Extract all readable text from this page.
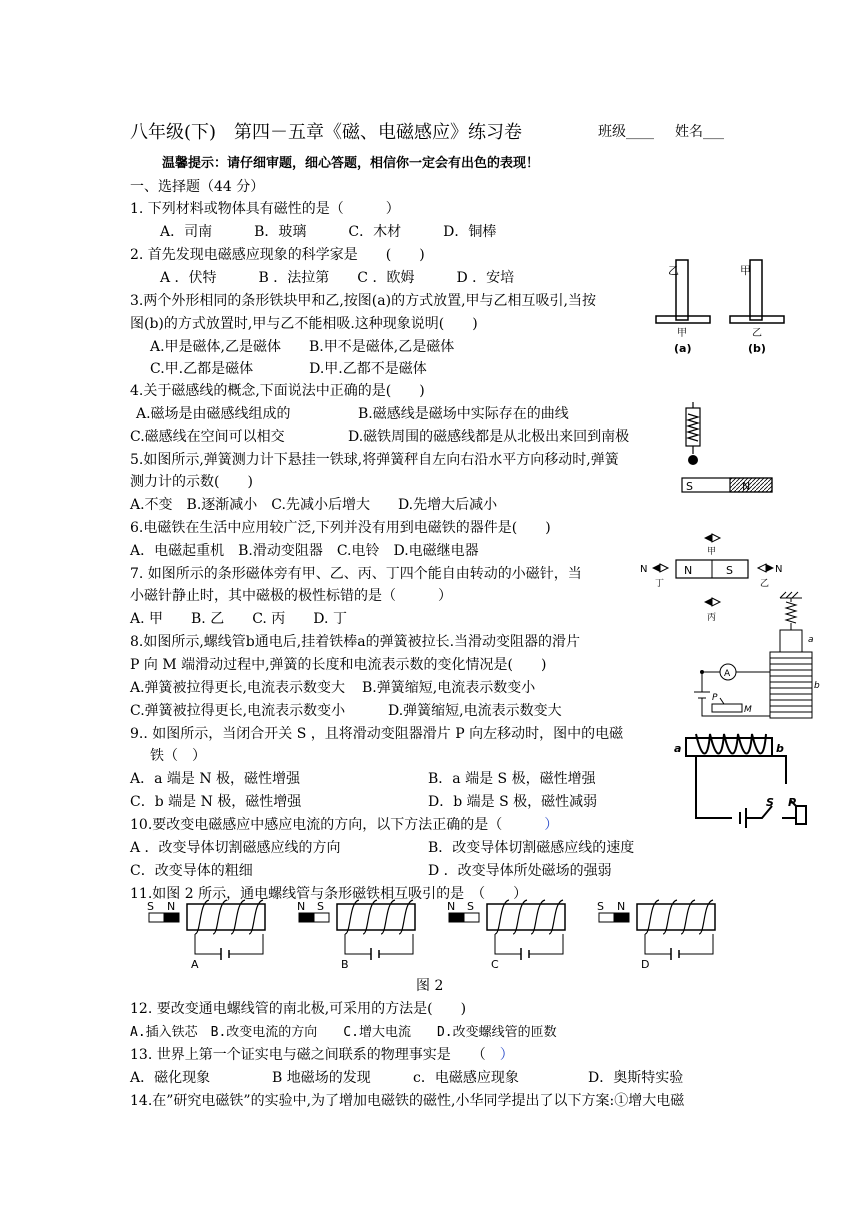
八年级(下)　第四－五章《磁、电磁感应》练习卷	班级____ 姓名___
温馨提示：请仔细审题，细心答题，相信你一定会有出色的表现！
一、选择题（44 分）
1. 下列材料或物体具有磁性的是（　　　）
A．司南　　　B．玻璃　　　C．木材　　　D．铜棒
2. 首先发现电磁感应现象的科学家是　　(　　)
A ．伏特　　　B ．法拉第　　C ．欧姆　　　D ．安培
3.两个外形相同的条形铁块甲和乙,按图(a)的方式放置,甲与乙相互吸引,当按
图(b)的方式放置时,甲与乙不能相吸.这种现象说明(　　)
A.甲是磁体,乙是磁体　　B.甲不是磁体,乙是磁体
C.甲.乙都是磁体　　　　D.甲.乙都不是磁体
4.关于磁感线的概念,下面说法中正确的是(　　)
A.磁场是由磁感线组成的	B.磁感线是磁场中实际存在的曲线
C.磁感线在空间可以相交	D.磁铁周围的磁感线都是从北极出来回到南极
5.如图所示,弹簧测力计下悬挂一铁球,将弹簧秤自左向右沿水平方向移动时,弹簧
测力计的示数(　　)
A.不变　B.逐渐减小　C.先减小后增大　　D.先增大后减小
6.电磁铁在生活中应用较广泛,下列并没有用到电磁铁的器件是(　　)
A．电磁起重机　B.滑动变阻器　C.电铃　D.电磁继电器
7. 如图所示的条形磁体旁有甲、乙、丙、丁四个能自由转动的小磁针，当
小磁针静止时，其中磁极的极性标错的是（　　　）
A. 甲　　B. 乙　　C. 丙　　D. 丁
8.如图所示,螺线管b通电后,挂着铁棒a的弹簧被拉长.当滑动变阻器的滑片
P 向 M 端滑动过程中,弹簧的长度和电流表示数的变化情况是(　　)
A.弹簧被拉得更长,电流表示数变大 B.弹簧缩短,电流表示数变小
C.弹簧被拉得更长,电流表示数变小	D.弹簧缩短,电流表示数变大
9.. 如图所示，当闭合开关 S ，且将滑动变阻器滑片 P 向左移动时，图中的电磁
铁（　）
A．a 端是 N 极，磁性增强	B．a 端是 S 极，磁性增强
C．b 端是 N 极，磁性增强	D．b 端是 S 极，磁性减弱
10.要改变电磁感应中感应电流的方向，以下方法正确的是（　　　	）
A ．改变导体切割磁感应线的方向	B．改变导体切割磁感应线的速度
C．改变导体的粗细	D ．改变导体所处磁场的强弱
11.如图 2 所示，通电螺线管与条形磁铁相互吸引的是　（　　）
图 2
12. 要改变通电螺线管的南北极,可采用的方法是(　　)
A.插入铁芯　B.改变电流的方向　　C.增大电流　　D.改变螺线管的匝数
13. 世界上第一个证实电与磁之间联系的物理事实是　　（　 ）
A．磁化现象	B 地磁场的发现	c．电磁感应现象	D．奥斯特实验
14.在”研究电磁铁”的实验中,为了增加电磁铁的磁性,小华同学提出了以下方案:①增大电磁
乙	甲
甲	乙
(a)	(b)
S	N
N	S
甲
N
丁
N
乙
丙
A
a
b
P
M
a	b
S P
S N
A
N S
B
N S
C
S N
D
